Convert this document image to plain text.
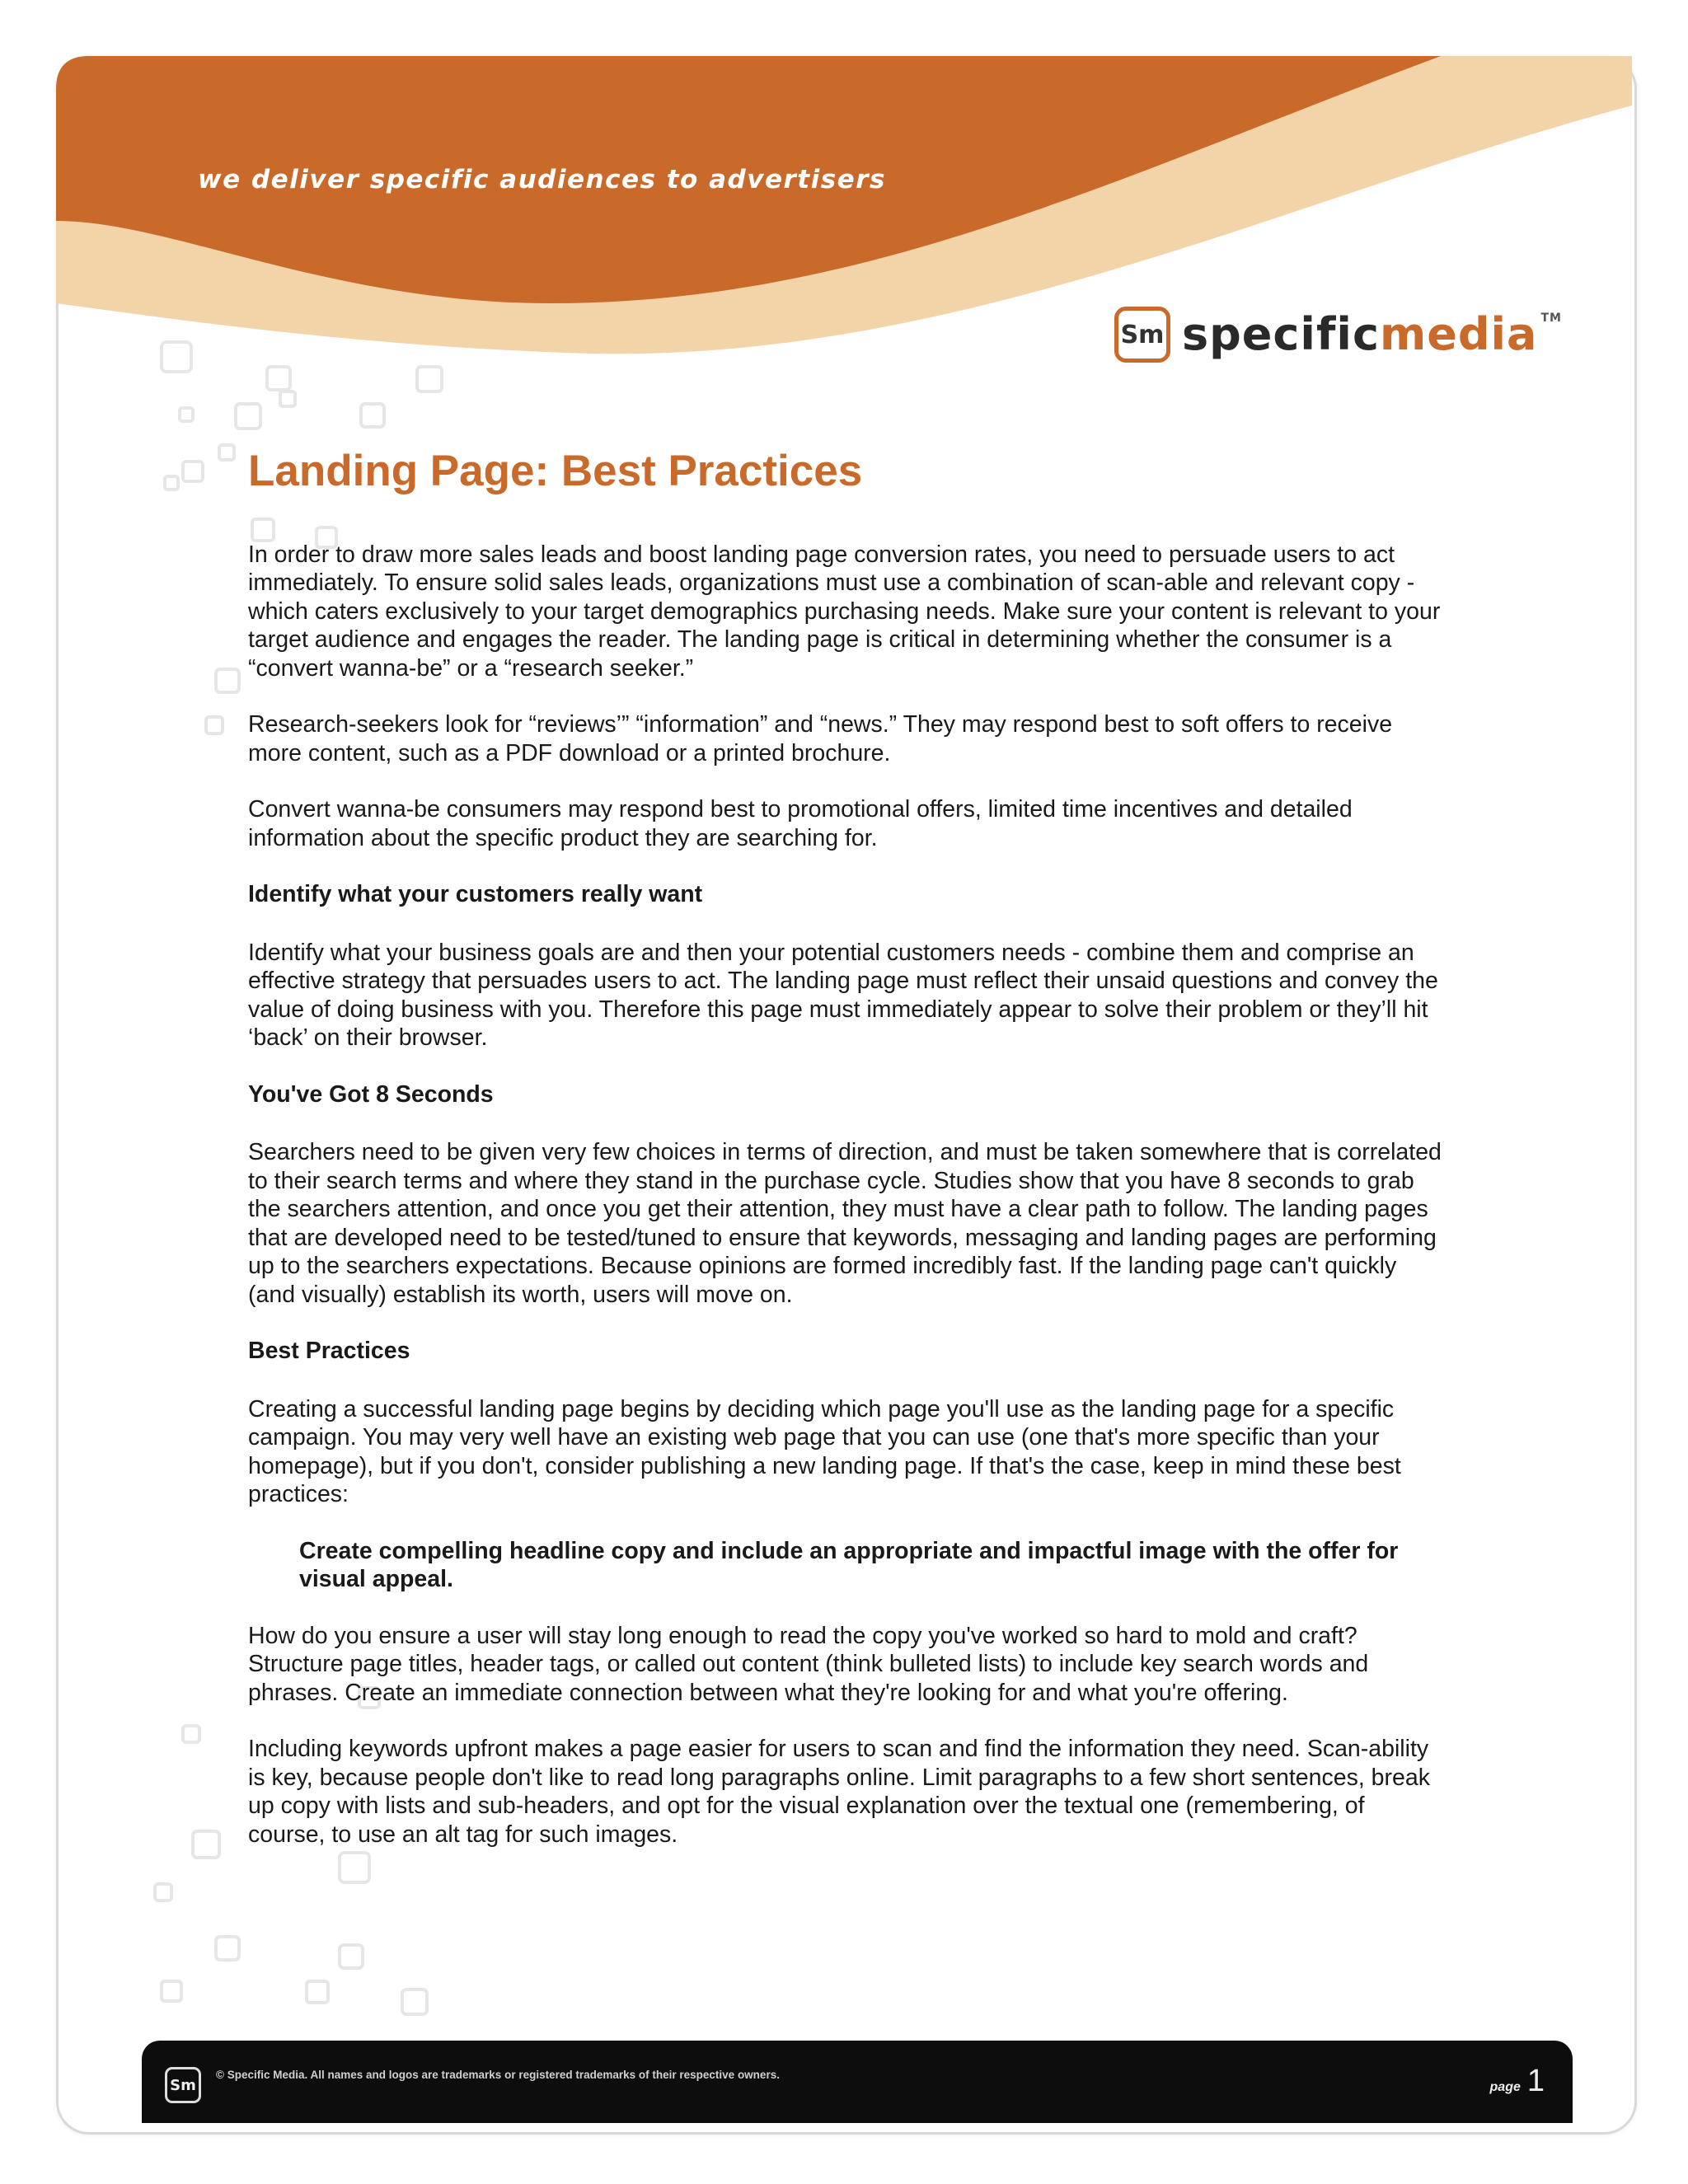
we deliver specific audiences to advertisers
Sm specificmedia ™
Landing Page: Best Practices

In order to draw more sales leads and boost landing page conversion rates, you need to persuade users to act immediately. To ensure solid sales leads, organizations must use a combination of scan-able and relevant copy - which caters exclusively to your target demographics purchasing needs. Make sure your content is relevant to your target audience and engages the reader. The landing page is critical in determining whether the consumer is a “convert wanna-be” or a “research seeker.”

Research-seekers look for “reviews’” “information” and “news.” They may respond best to soft offers to receive more content, such as a PDF download or a printed brochure.

Convert wanna-be consumers may respond best to promotional offers, limited time incentives and detailed information about the specific product they are searching for.

Identify what your customers really want

Identify what your business goals are and then your potential customers needs - combine them and comprise an effective strategy that persuades users to act. The landing page must reflect their unsaid questions and convey the value of doing business with you. Therefore this page must immediately appear to solve their problem or they’ll hit ‘back’ on their browser.

You've Got 8 Seconds

Searchers need to be given very few choices in terms of direction, and must be taken somewhere that is correlated to their search terms and where they stand in the purchase cycle. Studies show that you have 8 seconds to grab the searchers attention, and once you get their attention, they must have a clear path to follow. The landing pages that are developed need to be tested/tuned to ensure that keywords, messaging and landing pages are performing up to the searchers expectations. Because opinions are formed incredibly fast. If the landing page can't quickly (and visually) establish its worth, users will move on.

Best Practices

Creating a successful landing page begins by deciding which page you'll use as the landing page for a specific campaign. You may very well have an existing web page that you can use (one that's more specific than your homepage), but if you don't, consider publishing a new landing page. If that's the case, keep in mind these best practices:

Create compelling headline copy and include an appropriate and impactful image with the offer for visual appeal.

How do you ensure a user will stay long enough to read the copy you've worked so hard to mold and craft? Structure page titles, header tags, or called out content (think bulleted lists) to include key search words and phrases. Create an immediate connection between what they're looking for and what you're offering.

Including keywords upfront makes a page easier for users to scan and find the information they need. Scan-ability is key, because people don't like to read long paragraphs online. Limit paragraphs to a few short sentences, break up copy with lists and sub-headers, and opt for the visual explanation over the textual one (remembering, of course, to use an alt tag for such images.

Sm
© Specific Media. All names and logos are trademarks or registered trademarks of their respective owners.
page 1
